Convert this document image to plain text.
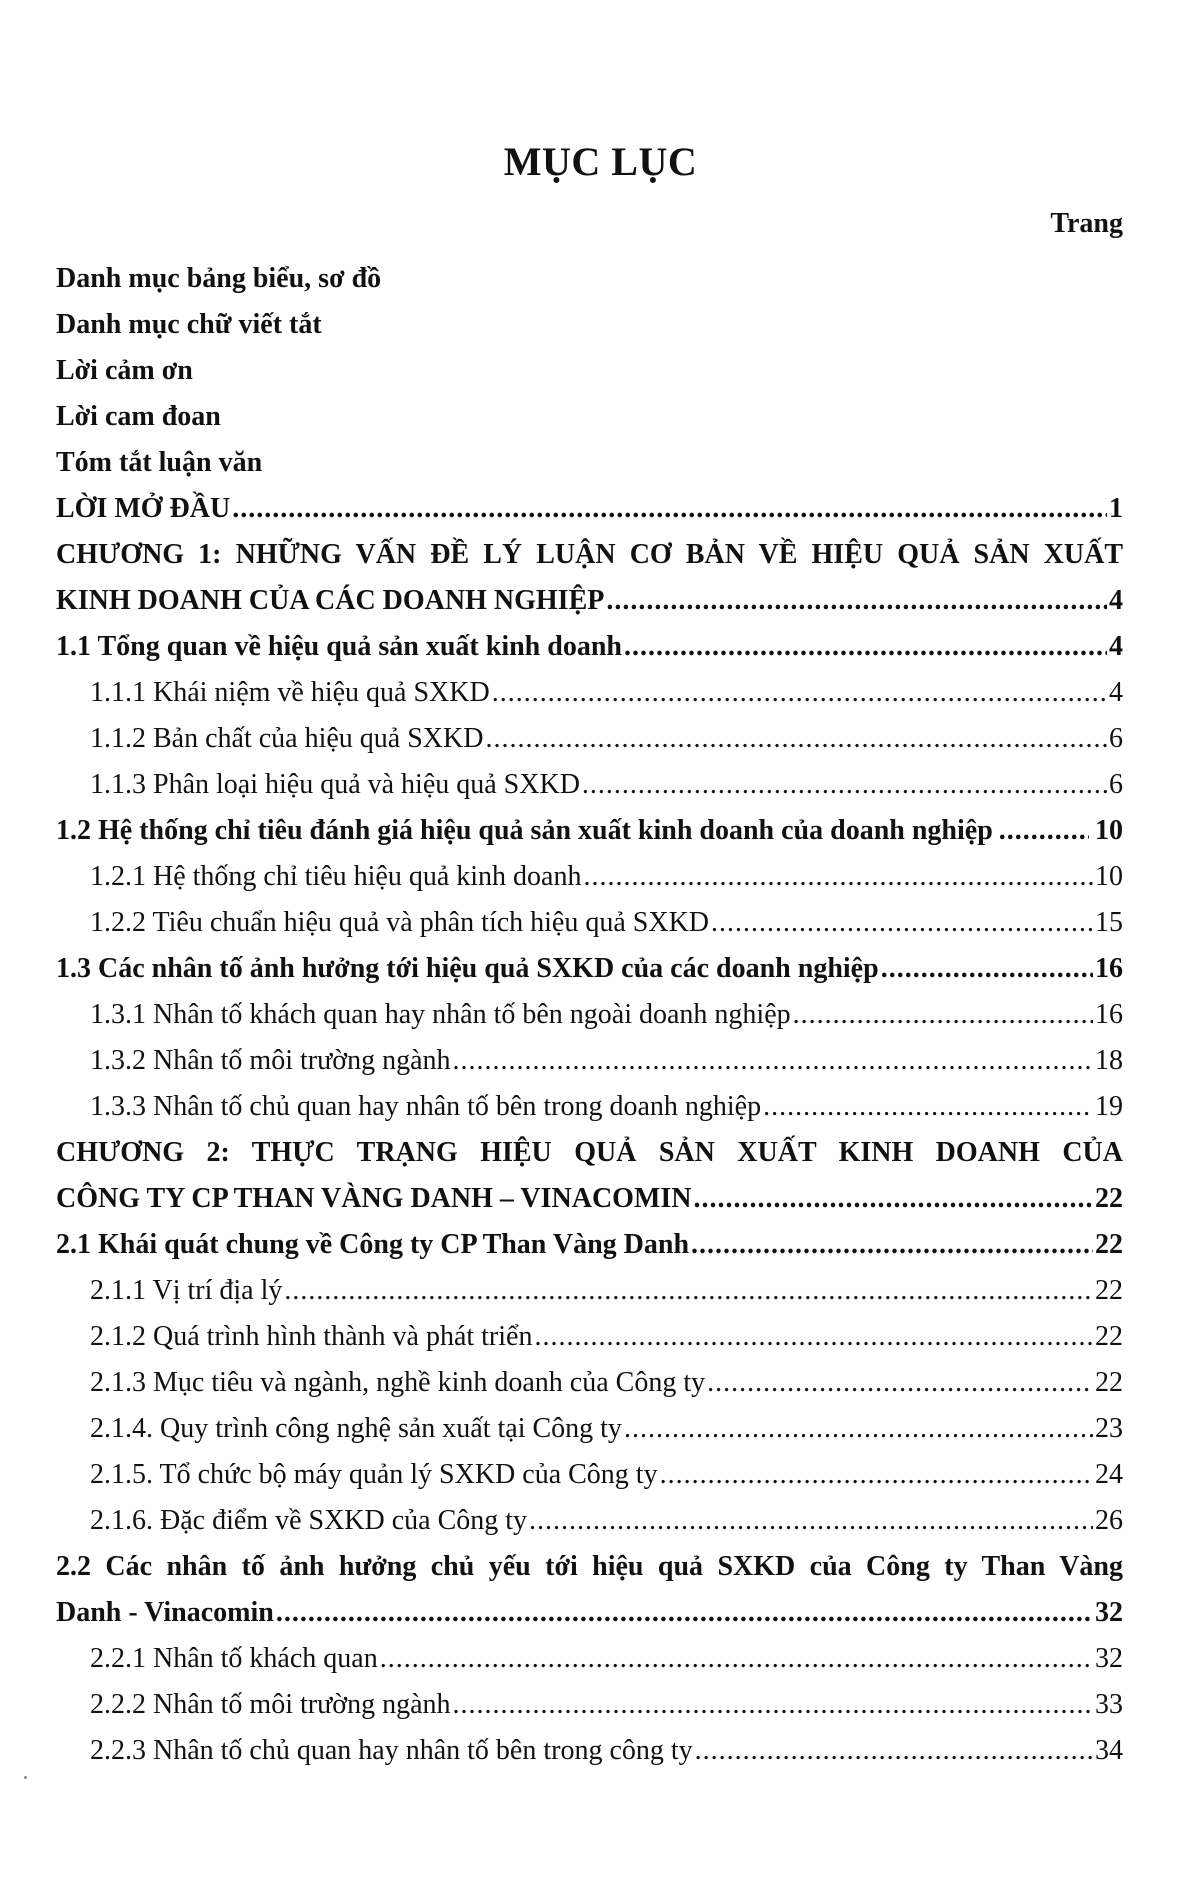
MỤC LỤC
Trang
Danh mục bảng biểu, sơ đồ
Danh mục chữ viết tắt
Lời cảm ơn
Lời cam đoan
Tóm tắt luận văn
LỜI MỞ ĐẦU .....	1
CHƯƠNG 1: NHỮNG VẤN ĐỀ LÝ LUẬN CƠ BẢN VỀ HIỆU QUẢ SẢN XUẤT
KINH DOANH CỦA CÁC DOANH NGHIỆP .....	4
1.1 Tổng quan về hiệu quả sản xuất kinh doanh .....	4
1.1.1 Khái niệm về hiệu quả SXKD .....	4
1.1.2 Bản chất của hiệu quả SXKD .....	6
1.1.3 Phân loại hiệu quả và hiệu quả SXKD .....	6
1.2 Hệ thống chỉ tiêu đánh giá hiệu quả sản xuất kinh doanh của doanh nghiệp .....	10
1.2.1 Hệ thống chỉ tiêu hiệu quả kinh doanh .....	10
1.2.2 Tiêu chuẩn hiệu quả và phân tích hiệu quả SXKD .....	15
1.3 Các nhân tố ảnh hưởng tới hiệu quả SXKD của các doanh nghiệp .....	16
1.3.1 Nhân tố khách quan hay nhân tố bên ngoài doanh nghiệp .....	16
1.3.2 Nhân tố môi trường ngành .....	18
1.3.3 Nhân tố chủ quan hay nhân tố bên trong doanh nghiệp .....	19
CHƯƠNG 2: THỰC TRẠNG HIỆU QUẢ SẢN XUẤT KINH DOANH CỦA
CÔNG TY CP THAN VÀNG DANH – VINACOMIN .....	22
2.1 Khái quát chung về Công ty CP Than Vàng Danh .....	22
2.1.1 Vị trí địa lý .....	22
2.1.2 Quá trình hình thành và phát triển .....	22
2.1.3 Mục tiêu và ngành, nghề kinh doanh của Công ty .....	22
2.1.4. Quy trình công nghệ sản xuất tại Công ty .....	23
2.1.5. Tổ chức bộ máy quản lý SXKD của Công ty .....	24
2.1.6. Đặc điểm về SXKD của Công ty .....	26
2.2 Các nhân tố ảnh hưởng chủ yếu tới hiệu quả SXKD của Công ty Than Vàng
Danh - Vinacomin .....	32
2.2.1 Nhân tố khách quan .....	32
2.2.2 Nhân tố môi trường ngành .....	33
2.2.3 Nhân tố chủ quan hay nhân tố bên trong công ty .....	34
